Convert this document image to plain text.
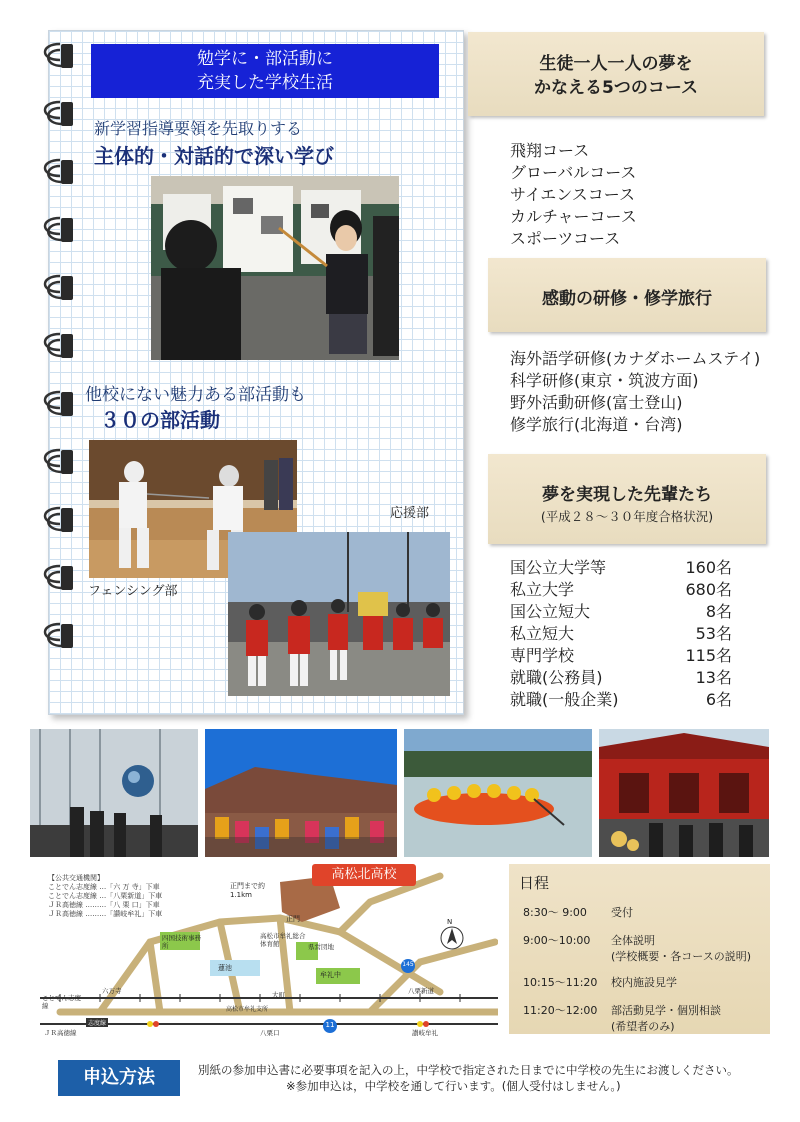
勉学に・部活動に
充実した学校生活
新学習指導要領を先取りする
主体的・対話的で深い学び
他校にない魅力ある部活動も
３０の部活動
応援部
フェンシング部
生徒一人一人の夢を
かなえる5つのコース
飛翔コース
グローバルコース
サイエンスコース
カルチャーコース
スポーツコース
感動の研修・修学旅行
海外語学研修(カナダホームステイ)
科学研修(東京・筑波方面)
野外活動研修(富士登山)
修学旅行(北海道・台湾)
夢を実現した先輩たち
(平成２８～３０年度合格状況)
国公立大学等	160名
私立大学	680名
国公立短大	8名
私立短大	53名
専門学校	115名
就職(公務員)	13名
就職(一般企業)	6名
高松北高校
【公共交通機関】
ことでん志度線 …「六 万 寺」下車
ことでん志度線 …「八栗新道」下車
ＪＲ高徳線 ………「八 栗 口」下車
ＪＲ高徳線 ………「讃岐牟礼」下車
正門まで約1.1km
正門
四国技術事務所
蓮池
高松市牟礼総合体育館	県営団地
牟礼中
ことでん志度線
六万寺	大町	八栗新道
ＪＲ高徳線
志度線
八栗口	讃岐牟礼
高松市牟礼支所
145
11
N
日程
8:30～ 9:00 受付
9:00～10:00 全体説明
(学校概要・各コースの説明)
10:15～11:20 校内施設見学
11:20～12:00 部活動見学・個別相談
(希望者のみ)
申込方法	別紙の参加申込書に必要事項を記入の上，中学校で指定された日までに中学校の先生にお渡しください。
※参加申込は，中学校を通して行います。(個人受付はしません。)
